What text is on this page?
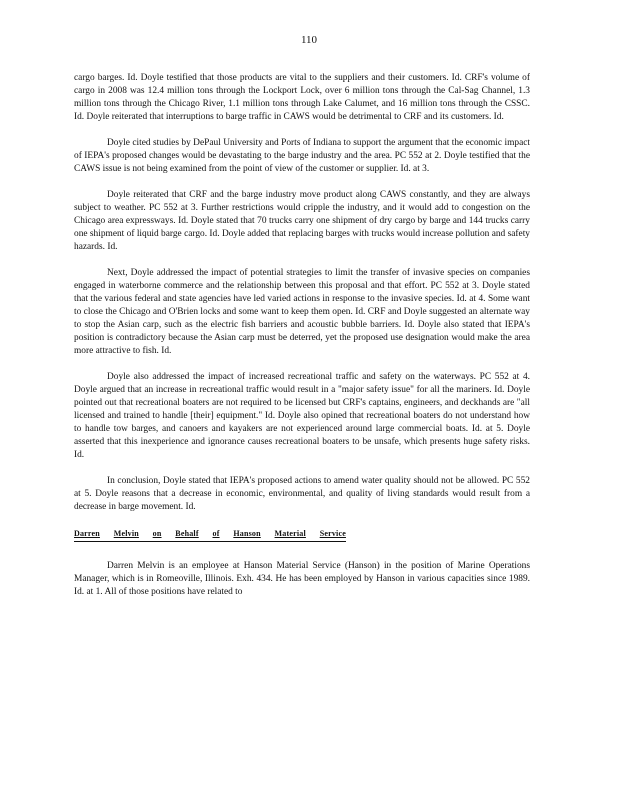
110

cargo barges. Id. Doyle testified that those products are vital to the suppliers and their customers. Id. CRF's volume of cargo in 2008 was 12.4 million tons through the Lockport Lock, over 6 million tons through the Cal-Sag Channel, 1.3 million tons through the Chicago River, 1.1 million tons through Lake Calumet, and 16 million tons through the CSSC. Id. Doyle reiterated that interruptions to barge traffic in CAWS would be detrimental to CRF and its customers. Id.

Doyle cited studies by DePaul University and Ports of Indiana to support the argument that the economic impact of IEPA's proposed changes would be devastating to the barge industry and the area. PC 552 at 2. Doyle testified that the CAWS issue is not being examined from the point of view of the customer or supplier. Id. at 3.

Doyle reiterated that CRF and the barge industry move product along CAWS constantly, and they are always subject to weather. PC 552 at 3. Further restrictions would cripple the industry, and it would add to congestion on the Chicago area expressways. Id. Doyle stated that 70 trucks carry one shipment of dry cargo by barge and 144 trucks carry one shipment of liquid barge cargo. Id. Doyle added that replacing barges with trucks would increase pollution and safety hazards. Id.

Next, Doyle addressed the impact of potential strategies to limit the transfer of invasive species on companies engaged in waterborne commerce and the relationship between this proposal and that effort. PC 552 at 3. Doyle stated that the various federal and state agencies have led varied actions in response to the invasive species. Id. at 4. Some want to close the Chicago and O'Brien locks and some want to keep them open. Id. CRF and Doyle suggested an alternate way to stop the Asian carp, such as the electric fish barriers and acoustic bubble barriers. Id. Doyle also stated that IEPA's position is contradictory because the Asian carp must be deterred, yet the proposed use designation would make the area more attractive to fish. Id.

Doyle also addressed the impact of increased recreational traffic and safety on the waterways. PC 552 at 4. Doyle argued that an increase in recreational traffic would result in a "major safety issue" for all the mariners. Id. Doyle pointed out that recreational boaters are not required to be licensed but CRF's captains, engineers, and deckhands are "all licensed and trained to handle [their] equipment." Id. Doyle also opined that recreational boaters do not understand how to handle tow barges, and canoers and kayakers are not experienced around large commercial boats. Id. at 5. Doyle asserted that this inexperience and ignorance causes recreational boaters to be unsafe, which presents huge safety risks. Id.

In conclusion, Doyle stated that IEPA's proposed actions to amend water quality should not be allowed. PC 552 at 5. Doyle reasons that a decrease in economic, environmental, and quality of living standards would result from a decrease in barge movement. Id.

Darren Melvin on Behalf of Hanson Material Service

Darren Melvin is an employee at Hanson Material Service (Hanson) in the position of Marine Operations Manager, which is in Romeoville, Illinois. Exh. 434. He has been employed by Hanson in various capacities since 1989. Id. at 1. All of those positions have related to
